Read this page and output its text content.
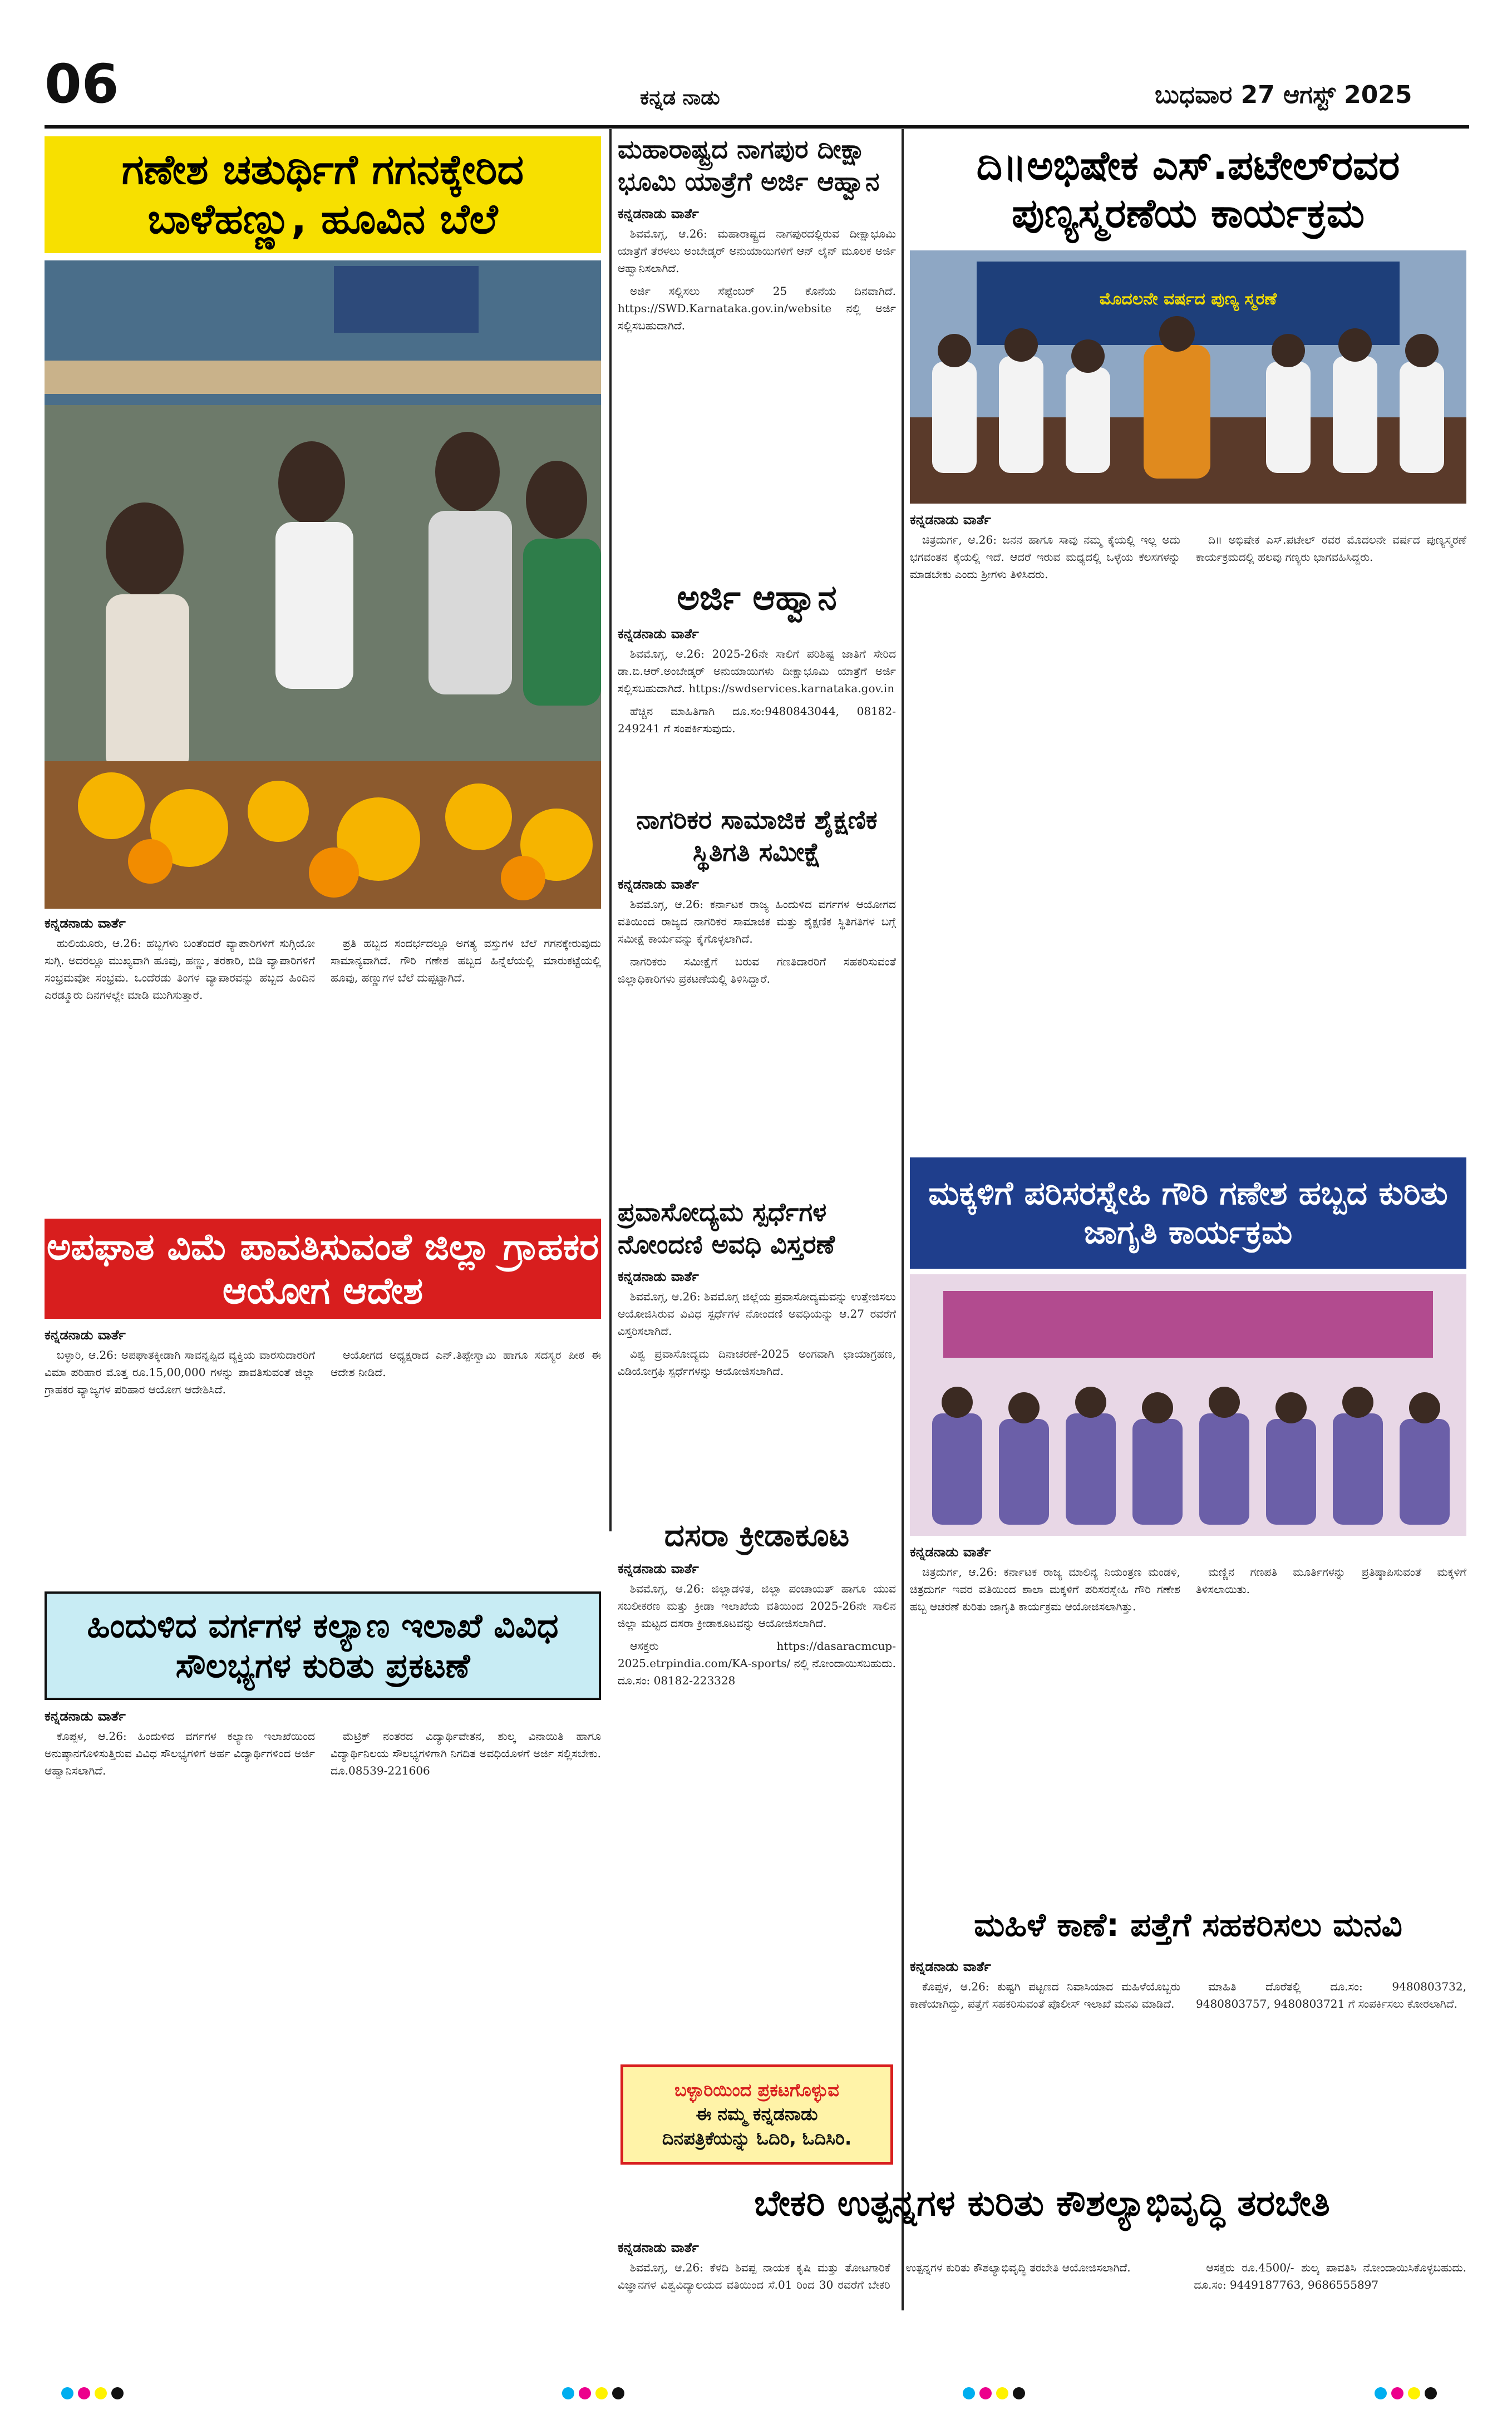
06	ಕನ್ನಡ ನಾಡು	ಬುಧವಾರ 27 ಆಗಸ್ಟ್ 2025
ಗಣೇಶ ಚತುರ್ಥಿಗೆ ಗಗನಕ್ಕೇರಿದ ಬಾಳೆಹಣ್ಣು, ಹೂವಿನ ಬೆಲೆ
ಕನ್ನಡನಾಡು ವಾರ್ತೆ

ಹುಲಿಯೂರು, ಆ.26: ಹಬ್ಬಗಳು ಬಂತೆಂದರೆ ವ್ಯಾಪಾರಿಗಳಿಗೆ ಸುಗ್ಗಿಯೋ ಸುಗ್ಗಿ. ಅದರಲ್ಲೂ ಮುಖ್ಯವಾಗಿ ಹೂವು, ಹಣ್ಣು, ತರಕಾರಿ, ಬಿಡಿ ವ್ಯಾಪಾರಿಗಳಿಗೆ ಸಂಭ್ರಮವೋ ಸಂಭ್ರಮ. ಒಂದೆರಡು ತಿಂಗಳ ವ್ಯಾಪಾರವನ್ನು ಹಬ್ಬದ ಹಿಂದಿನ ಎರಡ್ಮೂರು ದಿನಗಳಲ್ಲೇ ಮಾಡಿ ಮುಗಿಸುತ್ತಾರೆ.

ಪ್ರತಿ ಹಬ್ಬದ ಸಂದರ್ಭದಲ್ಲೂ ಅಗತ್ಯ ವಸ್ತುಗಳ ಬೆಲೆ ಗಗನಕ್ಕೇರುವುದು ಸಾಮಾನ್ಯವಾಗಿದೆ. ಗೌರಿ ಗಣೇಶ ಹಬ್ಬದ ಹಿನ್ನೆಲೆಯಲ್ಲಿ ಮಾರುಕಟ್ಟೆಯಲ್ಲಿ ಹೂವು, ಹಣ್ಣುಗಳ ಬೆಲೆ ದುಪ್ಪಟ್ಟಾಗಿದೆ.

ಅಪಘಾತ ವಿಮೆ ಪಾವತಿಸುವಂತೆ ಜಿಲ್ಲಾ ಗ್ರಾಹಕರ ಆಯೋಗ ಆದೇಶ
ಕನ್ನಡನಾಡು ವಾರ್ತೆ

ಬಳ್ಳಾರಿ, ಆ.26: ಅಪಘಾತಕ್ಕೀಡಾಗಿ ಸಾವನ್ನಪ್ಪಿದ ವ್ಯಕ್ತಿಯ ವಾರಸುದಾರರಿಗೆ ವಿಮಾ ಪರಿಹಾರ ಮೊತ್ತ ರೂ.15,00,000 ಗಳನ್ನು ಪಾವತಿಸುವಂತೆ ಜಿಲ್ಲಾ ಗ್ರಾಹಕರ ವ್ಯಾಜ್ಯಗಳ ಪರಿಹಾರ ಆಯೋಗ ಆದೇಶಿಸಿದೆ.

ಆಯೋಗದ ಅಧ್ಯಕ್ಷರಾದ ಎನ್.ತಿಪ್ಪೇಸ್ವಾಮಿ ಹಾಗೂ ಸದಸ್ಯರ ಪೀಠ ಈ ಆದೇಶ ನೀಡಿದೆ.

ಹಿಂದುಳಿದ ವರ್ಗಗಳ ಕಲ್ಯಾಣ ಇಲಾಖೆ ವಿವಿಧ ಸೌಲಭ್ಯಗಳ ಕುರಿತು ಪ್ರಕಟಣೆ
ಕನ್ನಡನಾಡು ವಾರ್ತೆ

ಕೊಪ್ಪಳ, ಆ.26: ಹಿಂದುಳಿದ ವರ್ಗಗಳ ಕಲ್ಯಾಣ ಇಲಾಖೆಯಿಂದ ಅನುಷ್ಠಾನಗೊಳಿಸುತ್ತಿರುವ ವಿವಿಧ ಸೌಲಭ್ಯಗಳಿಗೆ ಅರ್ಹ ವಿದ್ಯಾರ್ಥಿಗಳಿಂದ ಅರ್ಜಿ ಆಹ್ವಾನಿಸಲಾಗಿದೆ.

ಮೆಟ್ರಿಕ್ ನಂತರದ ವಿದ್ಯಾರ್ಥಿವೇತನ, ಶುಲ್ಕ ವಿನಾಯಿತಿ ಹಾಗೂ ವಿದ್ಯಾರ್ಥಿನಿಲಯ ಸೌಲಭ್ಯಗಳಿಗಾಗಿ ನಿಗದಿತ ಅವಧಿಯೊಳಗೆ ಅರ್ಜಿ ಸಲ್ಲಿಸಬೇಕು. ದೂ.08539-221606

ಮಹಾರಾಷ್ಟ್ರದ ನಾಗಪುರ ದೀಕ್ಷಾ ಭೂಮಿ ಯಾತ್ರೆಗೆ ಅರ್ಜಿ ಆಹ್ವಾನ
ಕನ್ನಡನಾಡು ವಾರ್ತೆ

ಶಿವಮೊಗ್ಗ, ಆ.26: ಮಹಾರಾಷ್ಟ್ರದ ನಾಗಪುರದಲ್ಲಿರುವ ದೀಕ್ಷಾಭೂಮಿ ಯಾತ್ರೆಗೆ ತೆರಳಲು ಅಂಬೇಡ್ಕರ್ ಅನುಯಾಯಿಗಳಿಗೆ ಆನ್ ಲೈನ್ ಮೂಲಕ ಅರ್ಜಿ ಆಹ್ವಾನಿಸಲಾಗಿದೆ.

ಅರ್ಜಿ ಸಲ್ಲಿಸಲು ಸೆಪ್ಟೆಂಬರ್ 25 ಕೊನೆಯ ದಿನವಾಗಿದೆ. https://SWD.Karnataka.gov.in/website ನಲ್ಲಿ ಅರ್ಜಿ ಸಲ್ಲಿಸಬಹುದಾಗಿದೆ.

ಅರ್ಜಿ ಆಹ್ವಾನ
ಕನ್ನಡನಾಡು ವಾರ್ತೆ

ಶಿವಮೊಗ್ಗ, ಆ.26: 2025-26ನೇ ಸಾಲಿಗೆ ಪರಿಶಿಷ್ಟ ಜಾತಿಗೆ ಸೇರಿದ ಡಾ.ಬಿ.ಆರ್.ಅಂಬೇಡ್ಕರ್ ಅನುಯಾಯಿಗಳು ದೀಕ್ಷಾಭೂಮಿ ಯಾತ್ರೆಗೆ ಅರ್ಜಿ ಸಲ್ಲಿಸಬಹುದಾಗಿದೆ. https://swdservices.karnataka.gov.in

ಹೆಚ್ಚಿನ ಮಾಹಿತಿಗಾಗಿ ದೂ.ಸಂ:9480843044, 08182-249241 ಗೆ ಸಂಪರ್ಕಿಸುವುದು.

ನಾಗರಿಕರ ಸಾಮಾಜಿಕ ಶೈಕ್ಷಣಿಕ ಸ್ಥಿತಿಗತಿ ಸಮೀಕ್ಷೆ
ಕನ್ನಡನಾಡು ವಾರ್ತೆ

ಶಿವಮೊಗ್ಗ, ಆ.26: ಕರ್ನಾಟಕ ರಾಜ್ಯ ಹಿಂದುಳಿದ ವರ್ಗಗಳ ಆಯೋಗದ ವತಿಯಿಂದ ರಾಜ್ಯದ ನಾಗರಿಕರ ಸಾಮಾಜಿಕ ಮತ್ತು ಶೈಕ್ಷಣಿಕ ಸ್ಥಿತಿಗತಿಗಳ ಬಗ್ಗೆ ಸಮೀಕ್ಷೆ ಕಾರ್ಯವನ್ನು ಕೈಗೊಳ್ಳಲಾಗಿದೆ.

ನಾಗರಿಕರು ಸಮೀಕ್ಷೆಗೆ ಬರುವ ಗಣತಿದಾರರಿಗೆ ಸಹಕರಿಸುವಂತೆ ಜಿಲ್ಲಾಧಿಕಾರಿಗಳು ಪ್ರಕಟಣೆಯಲ್ಲಿ ತಿಳಿಸಿದ್ದಾರೆ.

ಪ್ರವಾಸೋದ್ಯಮ ಸ್ಪರ್ಧೆಗಳ ನೋಂದಣಿ ಅವಧಿ ವಿಸ್ತರಣೆ
ಕನ್ನಡನಾಡು ವಾರ್ತೆ

ಶಿವಮೊಗ್ಗ, ಆ.26: ಶಿವಮೊಗ್ಗ ಜಿಲ್ಲೆಯ ಪ್ರವಾಸೋದ್ಯಮವನ್ನು ಉತ್ತೇಜಿಸಲು ಆಯೋಜಿಸಿರುವ ವಿವಿಧ ಸ್ಪರ್ಧೆಗಳ ನೋಂದಣಿ ಅವಧಿಯನ್ನು ಆ.27 ರವರೆಗೆ ವಿಸ್ತರಿಸಲಾಗಿದೆ.

ವಿಶ್ವ ಪ್ರವಾಸೋದ್ಯಮ ದಿನಾಚರಣೆ-2025 ಅಂಗವಾಗಿ ಛಾಯಾಗ್ರಹಣ, ವಿಡಿಯೋಗ್ರಫಿ ಸ್ಪರ್ಧೆಗಳನ್ನು ಆಯೋಜಿಸಲಾಗಿದೆ.

ದಸರಾ ಕ್ರೀಡಾಕೂಟ
ಕನ್ನಡನಾಡು ವಾರ್ತೆ

ಶಿವಮೊಗ್ಗ, ಆ.26: ಜಿಲ್ಲಾಡಳಿತ, ಜಿಲ್ಲಾ ಪಂಚಾಯತ್ ಹಾಗೂ ಯುವ ಸಬಲೀಕರಣ ಮತ್ತು ಕ್ರೀಡಾ ಇಲಾಖೆಯ ವತಿಯಿಂದ 2025-26ನೇ ಸಾಲಿನ ಜಿಲ್ಲಾ ಮಟ್ಟದ ದಸರಾ ಕ್ರೀಡಾಕೂಟವನ್ನು ಆಯೋಜಿಸಲಾಗಿದೆ.

ಆಸಕ್ತರು https://dasaracmcup-2025.etrpindia.com/KA-sports/ ನಲ್ಲಿ ನೋಂದಾಯಿಸಬಹುದು. ದೂ.ಸಂ: 08182-223328

ಬಳ್ಳಾರಿಯಿಂದ ಪ್ರಕಟಗೊಳ್ಳುವ
ಈ ನಮ್ಮ ಕನ್ನಡನಾಡು
ದಿನಪತ್ರಿಕೆಯನ್ನು ಓದಿರಿ, ಓದಿಸಿರಿ.
ದಿ॥ಅಭಿಷೇಕ ಎಸ್.ಪಟೇಲ್‌ರವರ ಪುಣ್ಯಸ್ಮರಣೆಯ ಕಾರ್ಯಕ್ರಮ
ಮೊದಲನೇ ವರ್ಷದ ಪುಣ್ಯ ಸ್ಮರಣೆ
ಕನ್ನಡನಾಡು ವಾರ್ತೆ

ಚಿತ್ರದುರ್ಗ, ಆ.26: ಜನನ ಹಾಗೂ ಸಾವು ನಮ್ಮ ಕೈಯಲ್ಲಿ ಇಲ್ಲ ಅದು ಭಗವಂತನ ಕೈಯಲ್ಲಿ ಇದೆ. ಆದರೆ ಇರುವ ಮಧ್ಯದಲ್ಲಿ ಒಳ್ಳೆಯ ಕೆಲಸಗಳನ್ನು ಮಾಡಬೇಕು ಎಂದು ಶ್ರೀಗಳು ತಿಳಿಸಿದರು.

ದಿ॥ ಅಭಿಷೇಕ ಎಸ್.ಪಟೇಲ್ ರವರ ಮೊದಲನೇ ವರ್ಷದ ಪುಣ್ಯಸ್ಮರಣೆ ಕಾರ್ಯಕ್ರಮದಲ್ಲಿ ಹಲವು ಗಣ್ಯರು ಭಾಗವಹಿಸಿದ್ದರು.

ಮಕ್ಕಳಿಗೆ ಪರಿಸರಸ್ನೇಹಿ ಗೌರಿ ಗಣೇಶ ಹಬ್ಬದ ಕುರಿತು ಜಾಗೃತಿ ಕಾರ್ಯಕ್ರಮ
ಕನ್ನಡನಾಡು ವಾರ್ತೆ

ಚಿತ್ರದುರ್ಗ, ಆ.26: ಕರ್ನಾಟಕ ರಾಜ್ಯ ಮಾಲಿನ್ಯ ನಿಯಂತ್ರಣ ಮಂಡಳಿ, ಚಿತ್ರದುರ್ಗ ಇವರ ವತಿಯಿಂದ ಶಾಲಾ ಮಕ್ಕಳಿಗೆ ಪರಿಸರಸ್ನೇಹಿ ಗೌರಿ ಗಣೇಶ ಹಬ್ಬ ಆಚರಣೆ ಕುರಿತು ಜಾಗೃತಿ ಕಾರ್ಯಕ್ರಮ ಆಯೋಜಿಸಲಾಗಿತ್ತು.

ಮಣ್ಣಿನ ಗಣಪತಿ ಮೂರ್ತಿಗಳನ್ನು ಪ್ರತಿಷ್ಠಾಪಿಸುವಂತೆ ಮಕ್ಕಳಿಗೆ ತಿಳಿಸಲಾಯಿತು.

ಮಹಿಳೆ ಕಾಣೆ: ಪತ್ತೆಗೆ ಸಹಕರಿಸಲು ಮನವಿ
ಕನ್ನಡನಾಡು ವಾರ್ತೆ

ಕೊಪ್ಪಳ, ಆ.26: ಕುಷ್ಟಗಿ ಪಟ್ಟಣದ ನಿವಾಸಿಯಾದ ಮಹಿಳೆಯೊಬ್ಬರು ಕಾಣೆಯಾಗಿದ್ದು, ಪತ್ತೆಗೆ ಸಹಕರಿಸುವಂತೆ ಪೊಲೀಸ್ ಇಲಾಖೆ ಮನವಿ ಮಾಡಿದೆ.

ಮಾಹಿತಿ ದೊರೆತಲ್ಲಿ ದೂ.ಸಂ: 9480803732, 9480803757, 9480803721 ಗೆ ಸಂಪರ್ಕಿಸಲು ಕೋರಲಾಗಿದೆ.

ಬೇಕರಿ ಉತ್ಪನ್ನಗಳ ಕುರಿತು ಕೌಶಲ್ಯಾಭಿವೃದ್ಧಿ ತರಬೇತಿ
ಕನ್ನಡನಾಡು ವಾರ್ತೆ

ಶಿವಮೊಗ್ಗ, ಆ.26: ಕೆಳದಿ ಶಿವಪ್ಪ ನಾಯಕ ಕೃಷಿ ಮತ್ತು ತೋಟಗಾರಿಕೆ ವಿಜ್ಞಾನಗಳ ವಿಶ್ವವಿದ್ಯಾಲಯದ ವತಿಯಿಂದ ಸೆ.01 ರಿಂದ 30 ರವರೆಗೆ ಬೇಕರಿ ಉತ್ಪನ್ನಗಳ ಕುರಿತು ಕೌಶಲ್ಯಾಭಿವೃದ್ಧಿ ತರಬೇತಿ ಆಯೋಜಿಸಲಾಗಿದೆ.	ಆಸಕ್ತರು ರೂ.4500/- ಶುಲ್ಕ ಪಾವತಿಸಿ ನೋಂದಾಯಿಸಿಕೊಳ್ಳಬಹುದು. ದೂ.ಸಂ: 9449187763, 9686555897
